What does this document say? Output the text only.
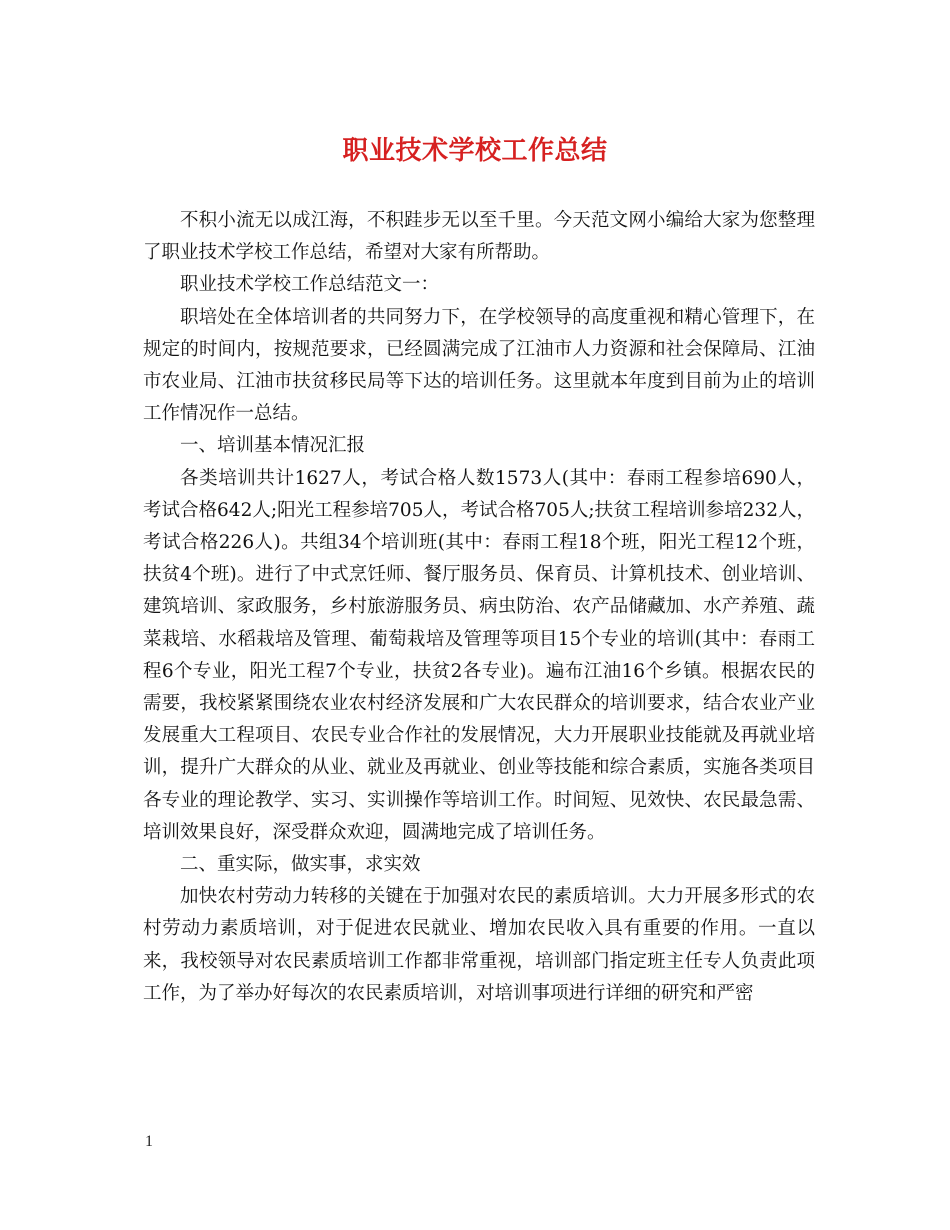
职业技术学校工作总结

不积小流无以成江海，不积跬步无以至千里。今天范文网小编给大家为您整理了职业技术学校工作总结，希望对大家有所帮助。

职业技术学校工作总结范文一：

职培处在全体培训者的共同努力下，在学校领导的高度重视和精心管理下，在规定的时间内，按规范要求，已经圆满完成了江油市人力资源和社会保障局、江油市农业局、江油市扶贫移民局等下达的培训任务。这里就本年度到目前为止的培训工作情况作一总结。

一、培训基本情况汇报

各类培训共计1627人，考试合格人数1573人(其中：春雨工程参培690人，考试合格642人;阳光工程参培705人，考试合格705人;扶贫工程培训参培232人，考试合格226人)。共组34个培训班(其中：春雨工程18个班，阳光工程12个班，扶贫4个班)。进行了中式烹饪师、餐厅服务员、保育员、计算机技术、创业培训、建筑培训、家政服务，乡村旅游服务员、病虫防治、农产品储藏加、水产养殖、蔬菜栽培、水稻栽培及管理、葡萄栽培及管理等项目15个专业的培训(其中：春雨工程6个专业，阳光工程7个专业，扶贫2各专业)。遍布江油16个乡镇。根据农民的需要，我校紧紧围绕农业农村经济发展和广大农民群众的培训要求，结合农业产业发展重大工程项目、农民专业合作社的发展情况，大力开展职业技能就及再就业培训，提升广大群众的从业、就业及再就业、创业等技能和综合素质，实施各类项目各专业的理论教学、实习、实训操作等培训工作。时间短、见效快、农民最急需、培训效果良好，深受群众欢迎，圆满地完成了培训任务。

二、重实际，做实事，求实效

加快农村劳动力转移的关键在于加强对农民的素质培训。大力开展多形式的农村劳动力素质培训，对于促进农民就业、增加农民收入具有重要的作用。一直以来，我校领导对农民素质培训工作都非常重视，培训部门指定班主任专人负责此项工作，为了举办好每次的农民素质培训，对培训事项进行详细的研究和严密

1
